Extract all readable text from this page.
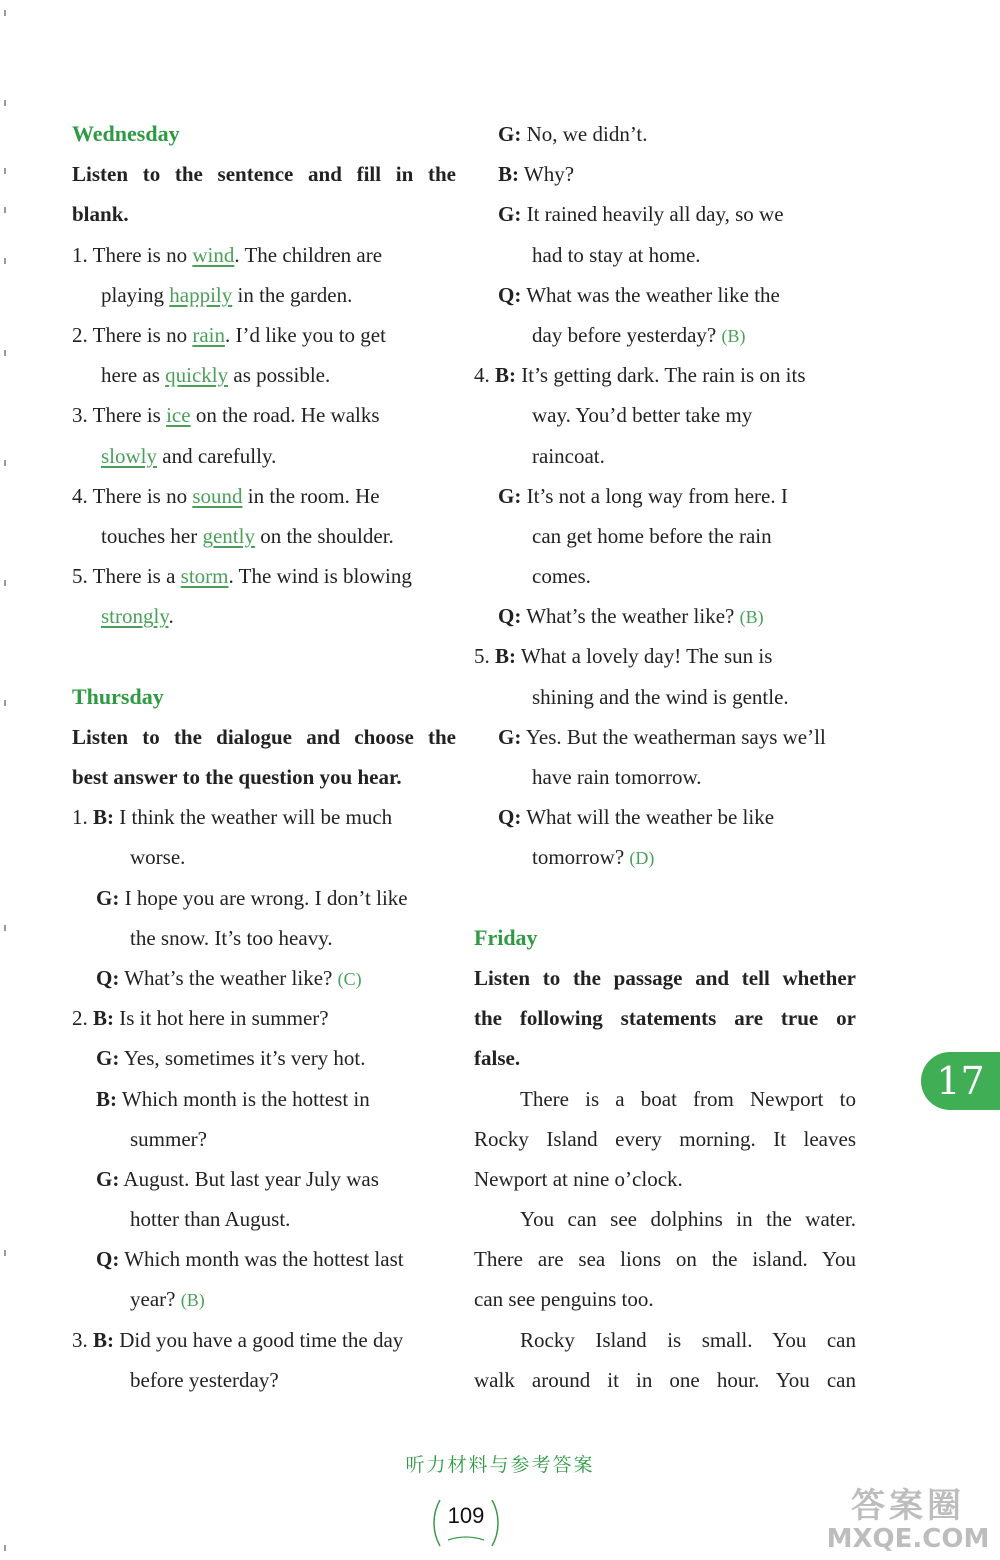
Wednesday
Listen to the sentence and fill in the
blank.
1. There is no wind. The children are
playing happily in the garden.
2. There is no rain. I’d like you to get
here as quickly as possible.
3. There is ice on the road. He walks
slowly and carefully.
4. There is no sound in the room. He
touches her gently on the shoulder.
5. There is a storm. The wind is blowing
strongly.
Thursday
Listen to the dialogue and choose the
best answer to the question you hear.
1. B: I think the weather will be much
worse.
G: I hope you are wrong. I don’t like
the snow. It’s too heavy.
Q: What’s the weather like? (C)
2. B: Is it hot here in summer?
G: Yes, sometimes it’s very hot.
B: Which month is the hottest in
summer?
G: August. But last year July was
hotter than August.
Q: Which month was the hottest last
year? (B)
3. B: Did you have a good time the day
before yesterday?
G: No, we didn’t.
B: Why?
G: It rained heavily all day, so we
had to stay at home.
Q: What was the weather like the
day before yesterday? (B)
4. B: It’s getting dark. The rain is on its
way. You’d better take my
raincoat.
G: It’s not a long way from here. I
can get home before the rain
comes.
Q: What’s the weather like? (B)
5. B: What a lovely day! The sun is
shining and the wind is gentle.
G: Yes. But the weatherman says we’ll
have rain tomorrow.
Q: What will the weather be like
tomorrow? (D)
Friday
Listen to the passage and tell whether
the following statements are true or
false.
There is a boat from Newport to
Rocky Island every morning. It leaves
Newport at nine o’clock.
You can see dolphins in the water.
There are sea lions on the island. You
can see penguins too.
Rocky Island is small. You can
walk around it in one hour. You can
17
听力材料与参考答案
109	答案圈
MXQE.COM
